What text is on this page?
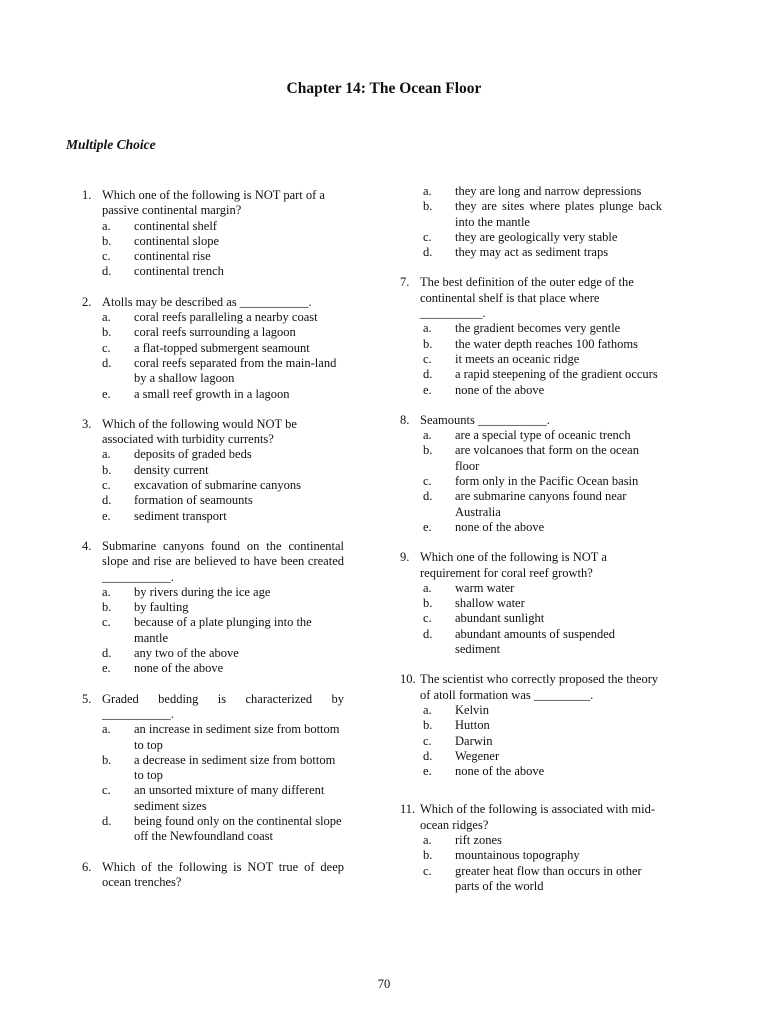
Chapter 14: The Ocean Floor
Multiple Choice
1. Which one of the following is NOT part of a passive continental margin?
a. continental shelf
b. continental slope
c. continental rise
d. continental trench
2. Atolls may be described as ___________.
a. coral reefs paralleling a nearby coast
b. coral reefs surrounding a lagoon
c. a flat-topped submergent seamount
d. coral reefs separated from the main-land by a shallow lagoon
e. a small reef growth in a lagoon
3. Which of the following would NOT be associated with turbidity currents?
a. deposits of graded beds
b. density current
c. excavation of submarine canyons
d. formation of seamounts
e. sediment transport
4. Submarine canyons found on the continental slope and rise are believed to have been created ___________.
a. by rivers during the ice age
b. by faulting
c. because of a plate plunging into the mantle
d. any two of the above
e. none of the above
5. Graded bedding is characterized by ___________.
a. an increase in sediment size from bottom to top
b. a decrease in sediment size from bottom to top
c. an unsorted mixture of many different sediment sizes
d. being found only on the continental slope off the Newfoundland coast
6. Which of the following is NOT true of deep ocean trenches?
a. they are long and narrow depressions
b. they are sites where plates plunge back into the mantle
c. they are geologically very stable
d. they may act as sediment traps
7. The best definition of the outer edge of the continental shelf is that place where __________.
a. the gradient becomes very gentle
b. the water depth reaches 100 fathoms
c. it meets an oceanic ridge
d. a rapid steepening of the gradient occurs
e. none of the above
8. Seamounts ___________.
a. are a special type of oceanic trench
b. are volcanoes that form on the ocean floor
c. form only in the Pacific Ocean basin
d. are submarine canyons found near Australia
e. none of the above
9. Which one of the following is NOT a requirement for coral reef growth?
a. warm water
b. shallow water
c. abundant sunlight
d. abundant amounts of suspended sediment
10. The scientist who correctly proposed the theory of atoll formation was _________.
a. Kelvin
b. Hutton
c. Darwin
d. Wegener
e. none of the above
11. Which of the following is associated with mid-ocean ridges?
a. rift zones
b. mountainous topography
c. greater heat flow than occurs in other parts of the world
70
